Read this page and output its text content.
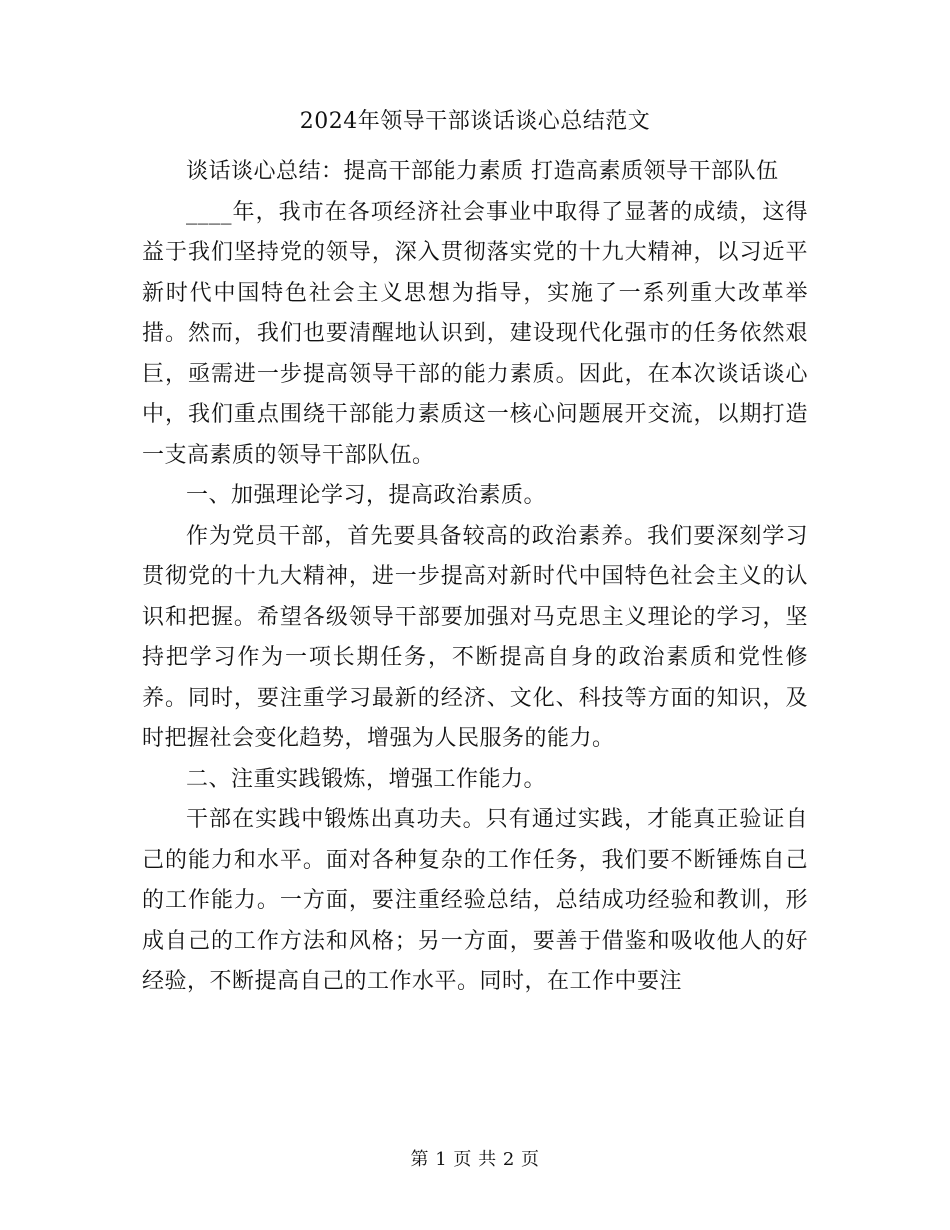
2024年领导干部谈话谈心总结范文

谈话谈心总结：提高干部能力素质 打造高素质领导干部队伍

____年，我市在各项经济社会事业中取得了显著的成绩，这得益于我们坚持党的领导，深入贯彻落实党的十九大精神，以习近平新时代中国特色社会主义思想为指导，实施了一系列重大改革举措。然而，我们也要清醒地认识到，建设现代化强市的任务依然艰巨，亟需进一步提高领导干部的能力素质。因此，在本次谈话谈心中，我们重点围绕干部能力素质这一核心问题展开交流，以期打造一支高素质的领导干部队伍。

一、加强理论学习，提高政治素质。

作为党员干部，首先要具备较高的政治素养。我们要深刻学习贯彻党的十九大精神，进一步提高对新时代中国特色社会主义的认识和把握。希望各级领导干部要加强对马克思主义理论的学习，坚持把学习作为一项长期任务，不断提高自身的政治素质和党性修养。同时，要注重学习最新的经济、文化、科技等方面的知识，及时把握社会变化趋势，增强为人民服务的能力。

二、注重实践锻炼，增强工作能力。

干部在实践中锻炼出真功夫。只有通过实践，才能真正验证自己的能力和水平。面对各种复杂的工作任务，我们要不断锤炼自己的工作能力。一方面，要注重经验总结，总结成功经验和教训，形成自己的工作方法和风格；另一方面，要善于借鉴和吸收他人的好经验，不断提高自己的工作水平。同时，在工作中要注

第 1 页 共 2 页
